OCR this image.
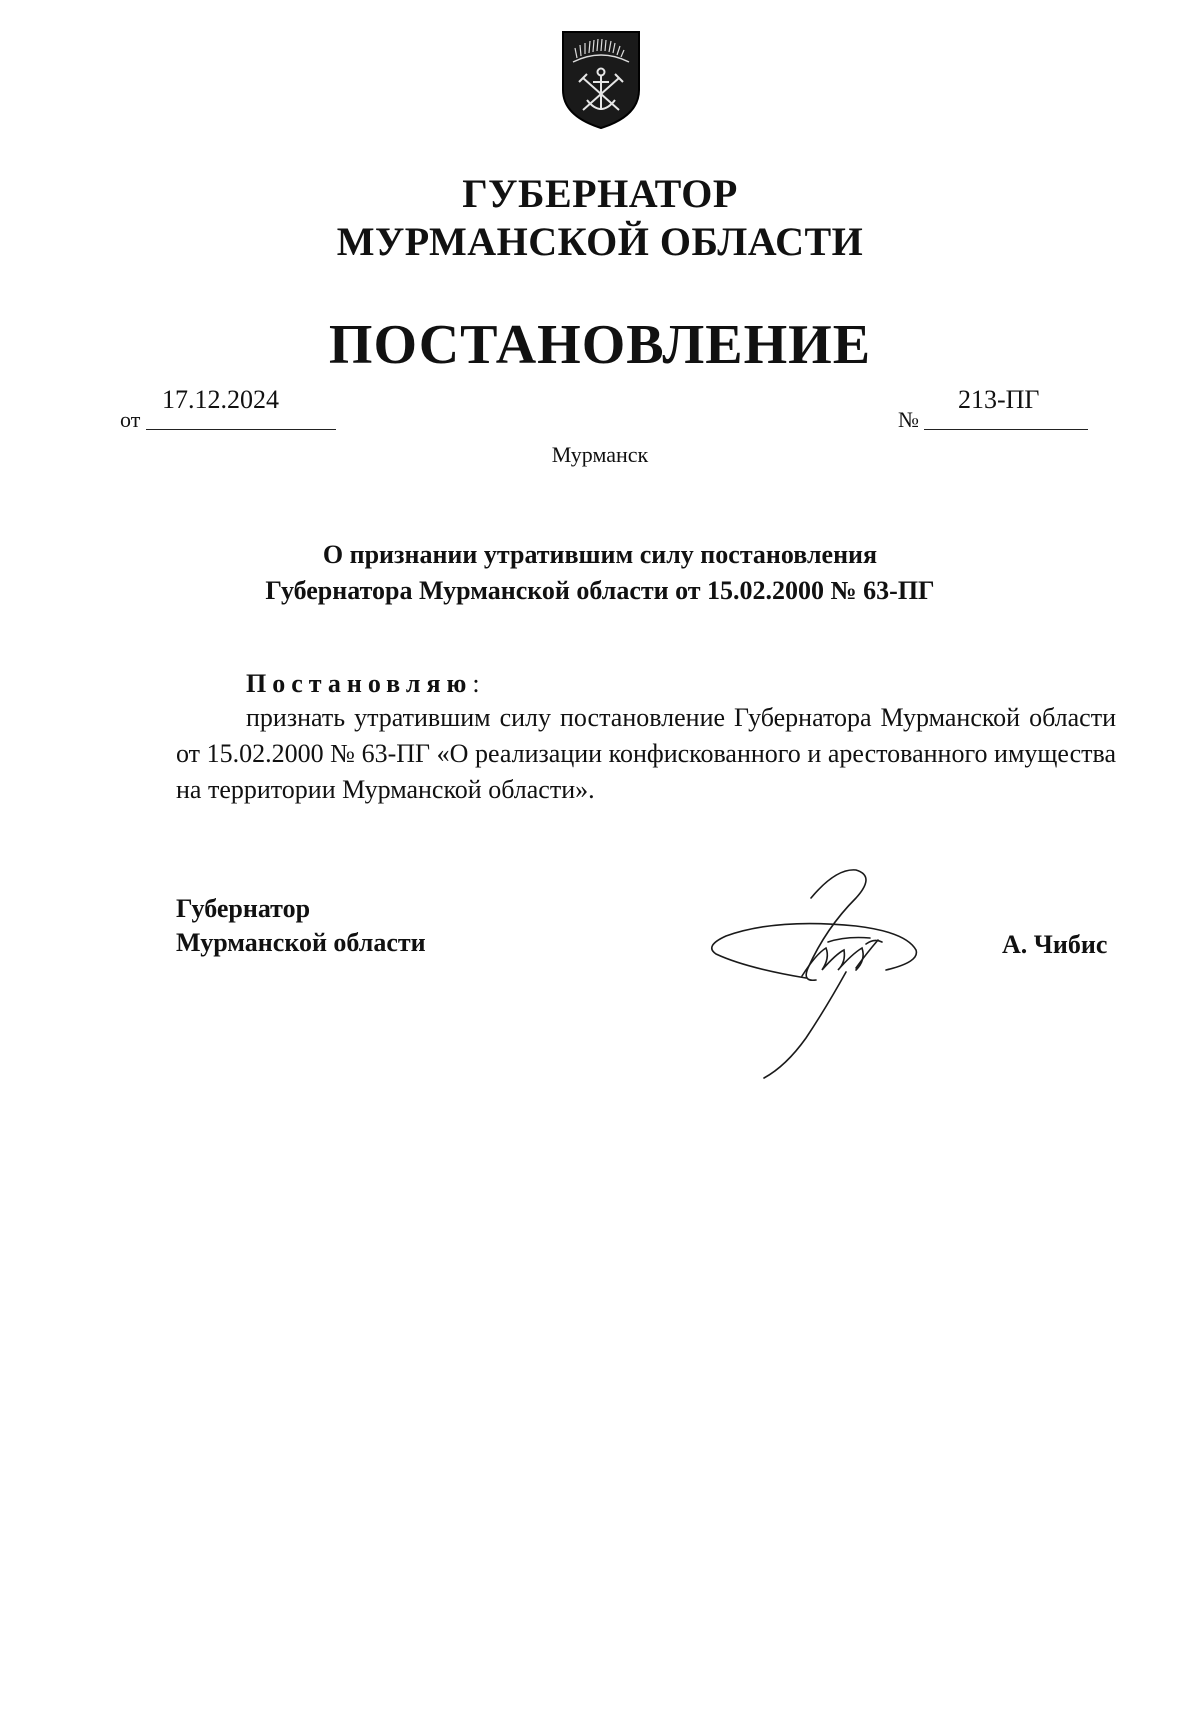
ГУБЕРНАТОР
МУРМАНСКОЙ ОБЛАСТИ
ПОСТАНОВЛЕНИЕ
от
17.12.2024
№
213-ПГ
Мурманск
О признании утратившим силу постановления
Губернатора Мурманской области от 15.02.2000 № 63-ПГ
Постановляю:

признать утратившим силу постановление Губернатора Мурманской области от 15.02.2000 № 63-ПГ «О реализации конфискованного и арестованного имущества на территории Мурманской области».

Губернатор
Мурманской области	А. Чибис
